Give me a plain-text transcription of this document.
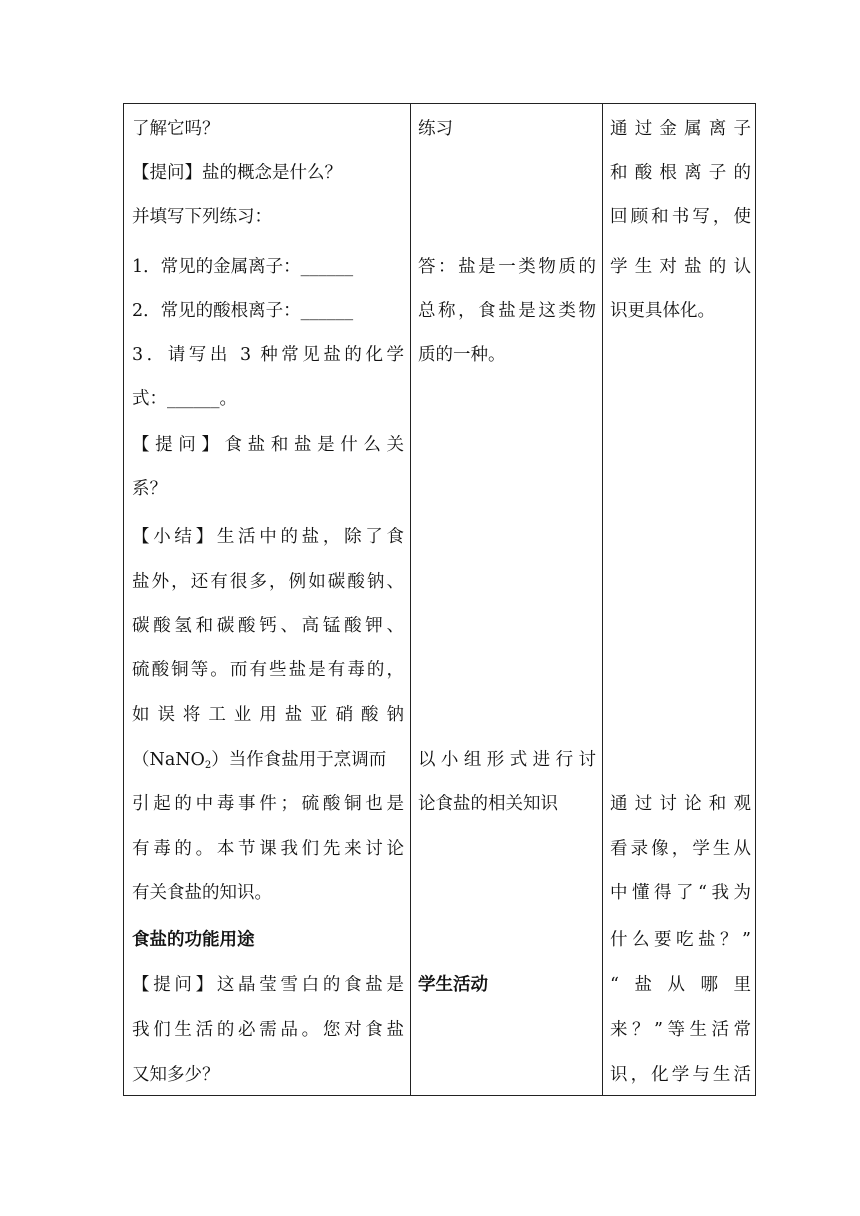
了解它吗？
【提问】盐的概念是什么？
并填写下列练习：
1．常见的金属离子：______
2．常见的酸根离子：______
3．请写出 3 种常见盐的化学
式：______。
【提问】食盐和盐是什么关
系？
【小结】生活中的盐，除了食
盐外，还有很多，例如碳酸钠、
碳酸氢和碳酸钙、高锰酸钾、
硫酸铜等。而有些盐是有毒的，
如误将工业用盐亚硝酸钠
（NaNO$_2$）当作食盐用于烹调而
引起的中毒事件；硫酸铜也是
有毒的。本节课我们先来讨论
有关食盐的知识。
食盐的功能用途
【提问】这晶莹雪白的食盐是
我们生活的必需品。您对食盐
又知多少？
练习
答：盐是一类物质的
总称，食盐是这类物
质的一种。
以小组形式进行讨
论食盐的相关知识
学生活动
通过金属离子
和酸根离子的
回顾和书写，使
学生对盐的认
识更具体化。
通过讨论和观
看录像，学生从
中懂得了“我为
什么要吃盐？”
“盐从哪里
来？”等生活常
识，化学与生活
